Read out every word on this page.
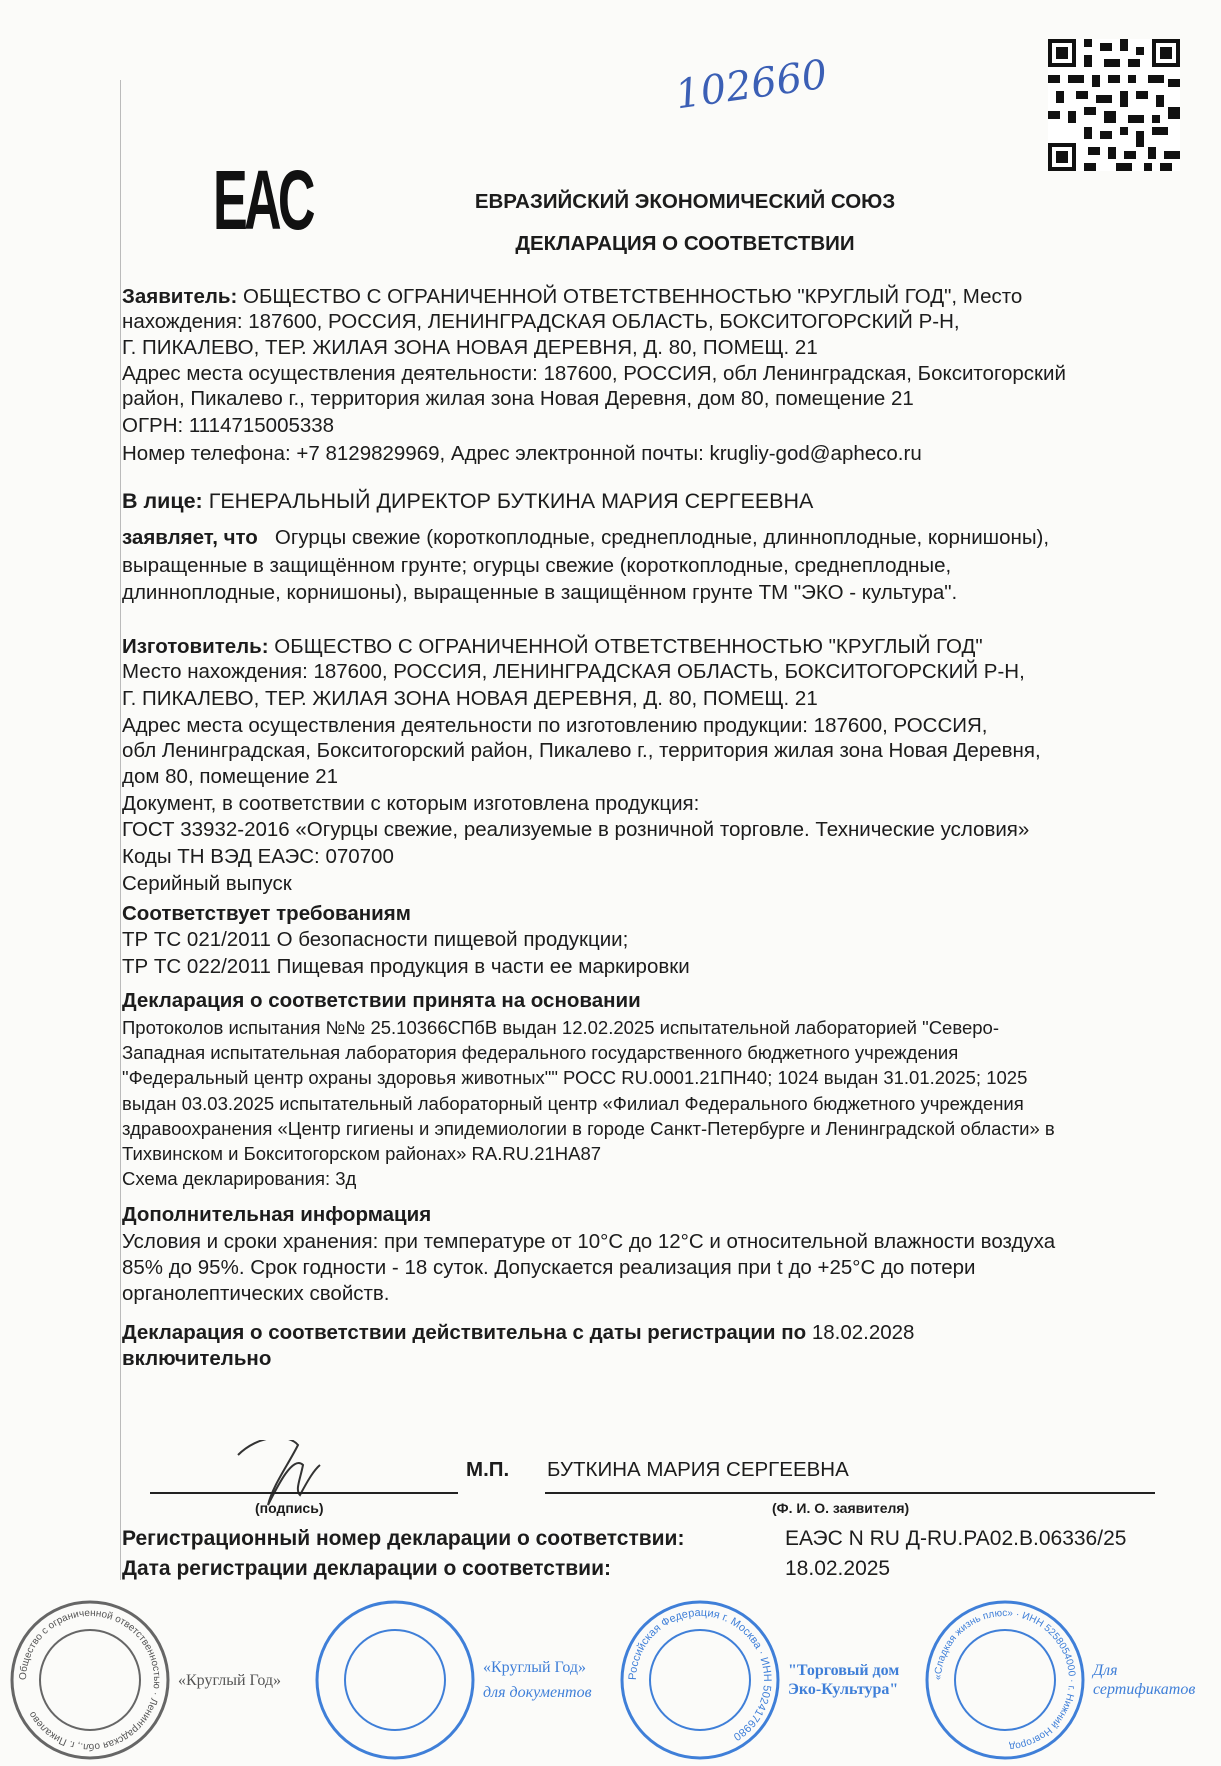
102660
EAC	ЕВРАЗИЙСКИЙ ЭКОНОМИЧЕСКИЙ СОЮЗ
ДЕКЛАРАЦИЯ О СООТВЕТСТВИИ
Заявитель: ОБЩЕСТВО С ОГРАНИЧЕННОЙ ОТВЕТСТВЕННОСТЬЮ "КРУГЛЫЙ ГОД", Место
нахождения: 187600, РОССИЯ, ЛЕНИНГРАДСКАЯ ОБЛАСТЬ, БОКСИТОГОРСКИЙ Р-Н,
Г. ПИКАЛЕВО, ТЕР. ЖИЛАЯ ЗОНА НОВАЯ ДЕРЕВНЯ, Д. 80, ПОМЕЩ. 21
Адрес места осуществления деятельности: 187600, РОССИЯ, обл Ленинградская, Бокситогорский
район, Пикалево г., территория жилая зона Новая Деревня, дом 80, помещение 21
ОГРН: 1114715005338
Номер телефона: +7 8129829969, Адрес электронной почты: krugliy-god@apheco.ru
В лице: ГЕНЕРАЛЬНЫЙ ДИРЕКТОР БУТКИНА МАРИЯ СЕРГЕЕВНА
заявляет, что   Огурцы свежие (короткоплодные, среднеплодные, длинноплодные, корнишоны),
выращенные в защищённом грунте; огурцы свежие (короткоплодные, среднеплодные,
длинноплодные, корнишоны), выращенные в защищённом грунте ТМ "ЭКО - культура".
Изготовитель: ОБЩЕСТВО С ОГРАНИЧЕННОЙ ОТВЕТСТВЕННОСТЬЮ "КРУГЛЫЙ ГОД"
Место нахождения: 187600, РОССИЯ, ЛЕНИНГРАДСКАЯ ОБЛАСТЬ, БОКСИТОГОРСКИЙ Р-Н,
Г. ПИКАЛЕВО, ТЕР. ЖИЛАЯ ЗОНА НОВАЯ ДЕРЕВНЯ, Д. 80, ПОМЕЩ. 21
Адрес места осуществления деятельности по изготовлению продукции: 187600, РОССИЯ,
обл Ленинградская, Бокситогорский район, Пикалево г., территория жилая зона Новая Деревня,
дом 80, помещение 21
Документ, в соответствии с которым изготовлена продукция:
ГОСТ 33932-2016 «Огурцы свежие, реализуемые в розничной торговле. Технические условия»
Коды ТН ВЭД ЕАЭС: 070700
Серийный выпуск
Соответствует требованиям
ТР ТС 021/2011 О безопасности пищевой продукции;
ТР ТС 022/2011 Пищевая продукция в части ее маркировки
Декларация о соответствии принята на основании
Протоколов испытания №№ 25.10366СПбВ выдан 12.02.2025 испытательной лабораторией "Северо-
Западная испытательная лаборатория федерального государственного бюджетного учреждения
"Федеральный центр охраны здоровья животных"" РОСС RU.0001.21ПН40; 1024 выдан 31.01.2025; 1025
выдан 03.03.2025 испытательный лабораторный центр «Филиал Федерального бюджетного учреждения
здравоохранения «Центр гигиены и эпидемиологии в городе Санкт-Петербурге и Ленинградской области» в
Тихвинском и Бокситогорском районах» RA.RU.21НА87
Схема декларирования: 3д
Дополнительная информация
Условия и сроки хранения: при температуре от 10°С до 12°С и относительной влажности воздуха
85% до 95%. Срок годности - 18 суток. Допускается реализация при t до +25°С до потери
органолептических свойств.
Декларация о соответствии действительна с даты регистрации по 18.02.2028
включительно
М.П. БУТКИНА МАРИЯ СЕРГЕЕВНА
(подпись)	(Ф. И. О. заявителя)
Регистрационный номер декларации о соответствии:	ЕАЭС N RU Д-RU.РА02.В.06336/25
Дата регистрации декларации о соответствии:	18.02.2025
Общество с ограниченной ответственностью · Ленинградская обл., г. Пикалево
«Круглый Год»
«Круглый Год»
для документов
Российская Федерация г. Москва · ИНН 5024176980
"Торговый дом Эко-Культура"
«Сладкая жизнь плюс» · ИНН 5258054000 · г. Нижний Новгород
Для сертификатов
